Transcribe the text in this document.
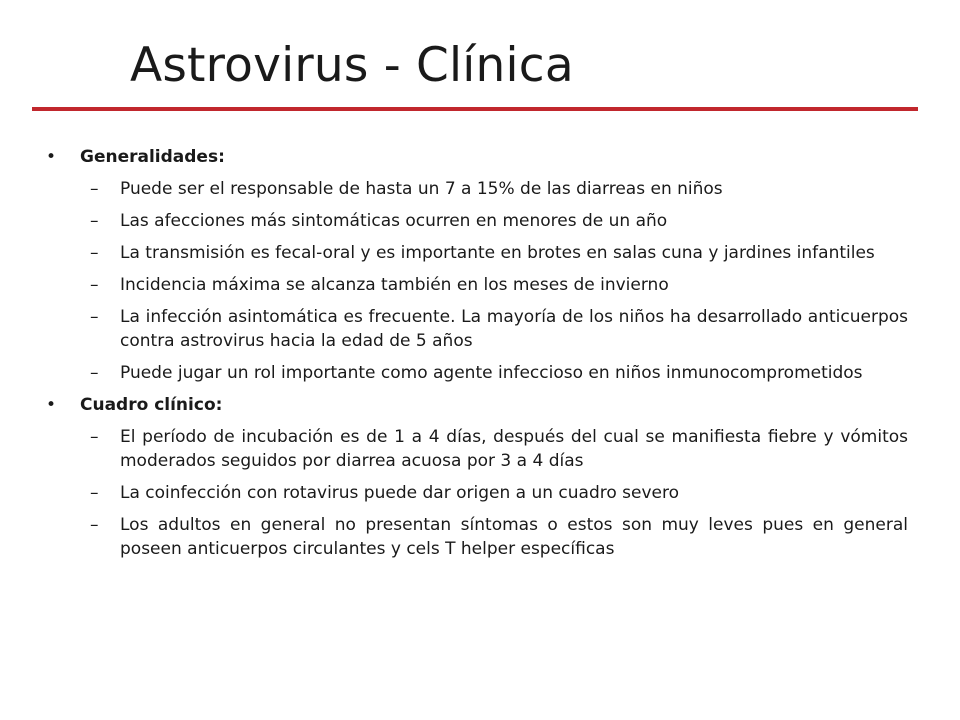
Astrovirus - Clínica
• Generalidades:
– Puede ser el responsable de hasta un 7 a 15% de las diarreas en niños
– Las afecciones más sintomáticas ocurren en menores de un año
– La transmisión es fecal-oral y es importante en brotes en salas cuna y jardines infantiles
– Incidencia máxima se alcanza también en los meses de invierno
– La infección asintomática es frecuente. La mayoría de los niños ha desarrollado anticuerpos contra astrovirus hacia la edad de 5 años
– Puede jugar un rol importante como agente infeccioso en niños inmunocomprometidos
• Cuadro clínico:
– El período de incubación es de 1 a 4 días, después del cual se manifiesta fiebre y vómitos moderados seguidos por diarrea acuosa por 3 a 4 días
– La coinfección con rotavirus puede dar origen a un cuadro severo
– Los adultos en general no presentan síntomas o estos son muy leves pues en general poseen anticuerpos circulantes y cels T helper específicas
